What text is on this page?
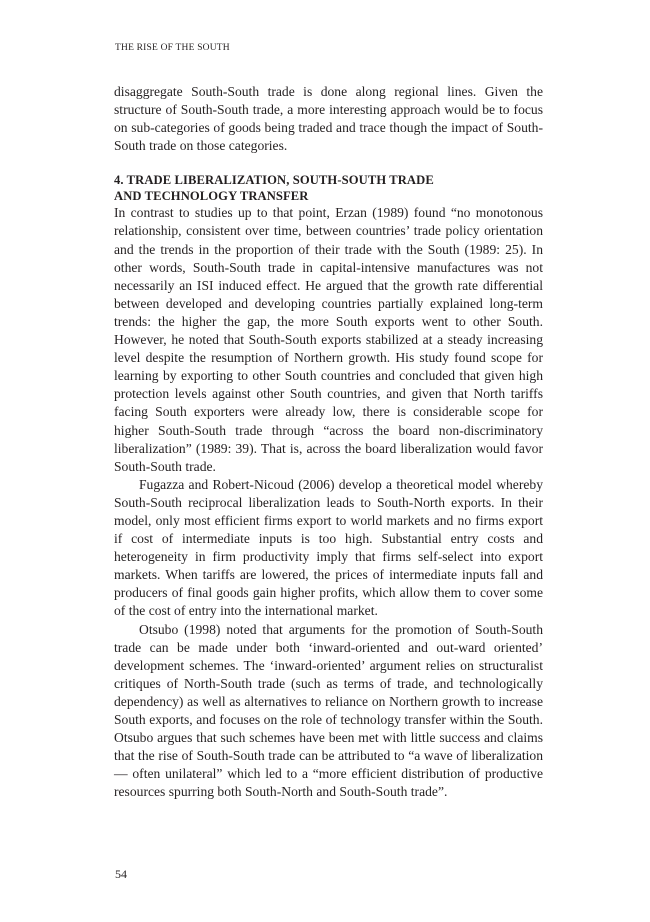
THE RISE OF THE SOUTH

disaggregate South-South trade is done along regional lines. Given the structure of South-South trade, a more interesting approach would be to focus on sub-categories of goods being traded and trace though the impact of South-South trade on those categories.

4. TRADE LIBERALIZATION, SOUTH-SOUTH TRADE
AND TECHNOLOGY TRANSFER

In contrast to studies up to that point, Erzan (1989) found “no monotonous relationship, consistent over time, between countries’ trade policy orientation and the trends in the proportion of their trade with the South (1989: 25). In other words, South-South trade in capital-intensive manufactures was not necessarily an ISI induced effect. He argued that the growth rate differential between developed and developing countries partially explained long-term trends: the higher the gap, the more South exports went to other South. However, he noted that South-South exports stabilized at a steady increasing level despite the resumption of Northern growth. His study found scope for learning by exporting to other South countries and concluded that given high protection levels against other South countries, and given that North tariffs facing South exporters were already low, there is considerable scope for higher South-South trade through “across the board non-discriminatory liberalization” (1989: 39). That is, across the board liberalization would favor South-South trade.

Fugazza and Robert-Nicoud (2006) develop a theoretical model whereby South-South reciprocal liberalization leads to South-North exports. In their model, only most efficient firms export to world markets and no firms export if cost of intermediate inputs is too high. Substantial entry costs and heterogeneity in firm productivity imply that firms self-select into export markets. When tariffs are lowered, the prices of intermediate inputs fall and producers of final goods gain higher profits, which allow them to cover some of the cost of entry into the international market.

Otsubo (1998) noted that arguments for the promotion of South-South trade can be made under both ‘inward-oriented and out-ward oriented’ development schemes. The ‘inward-oriented’ argument relies on structuralist critiques of North-South trade (such as terms of trade, and technologically dependency) as well as alternatives to reliance on Northern growth to increase South exports, and focuses on the role of technology transfer within the South. Otsubo argues that such schemes have been met with little success and claims that the rise of South-South trade can be attributed to “a wave of liberalization — often unilateral” which led to a “more efficient distribution of productive resources spurring both South-North and South-South trade”.

54
